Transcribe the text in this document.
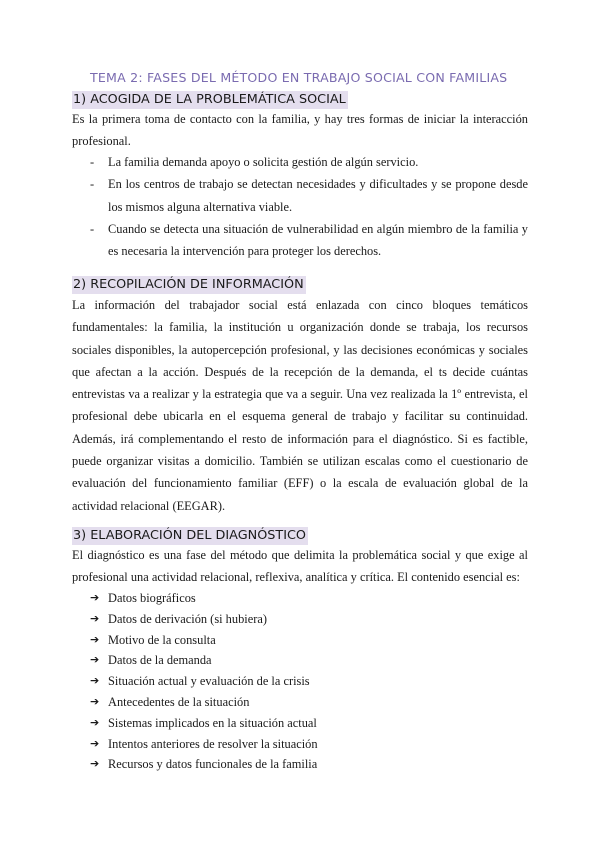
TEMA 2: FASES DEL MÉTODO EN TRABAJO SOCIAL CON FAMILIAS
1) ACOGIDA DE LA PROBLEMÁTICA SOCIAL

Es la primera toma de contacto con la familia, y hay tres formas de iniciar la interacción profesional.

- La familia demanda apoyo o solicita gestión de algún servicio.
- En los centros de trabajo se detectan necesidades y dificultades y se propone desde los mismos alguna alternativa viable.
- Cuando se detecta una situación de vulnerabilidad en algún miembro de la familia y es necesaria la intervención para proteger los derechos.
2) RECOPILACIÓN DE INFORMACIÓN

La información del trabajador social está enlazada con cinco bloques temáticos fundamentales: la familia, la institución u organización donde se trabaja, los recursos sociales disponibles, la autopercepción profesional, y las decisiones económicas y sociales que afectan a la acción. Después de la recepción de la demanda, el ts decide cuántas entrevistas va a realizar y la estrategia que va a seguir. Una vez realizada la 1º entrevista, el profesional debe ubicarla en el esquema general de trabajo y facilitar su continuidad. Además, irá complementando el resto de información para el diagnóstico. Si es factible, puede organizar visitas a domicilio. También se utilizan escalas como el cuestionario de evaluación del funcionamiento familiar (EFF) o la escala de evaluación global de la actividad relacional (EEGAR).

3) ELABORACIÓN DEL DIAGNÓSTICO

El diagnóstico es una fase del método que delimita la problemática social y que exige al profesional una actividad relacional, reflexiva, analítica y crítica. El contenido esencial es:

➔ Datos biográficos
➔ Datos de derivación (si hubiera)
➔ Motivo de la consulta
➔ Datos de la demanda
➔ Situación actual y evaluación de la crisis
➔ Antecedentes de la situación
➔ Sistemas implicados en la situación actual
➔ Intentos anteriores de resolver la situación
➔ Recursos y datos funcionales de la familia
